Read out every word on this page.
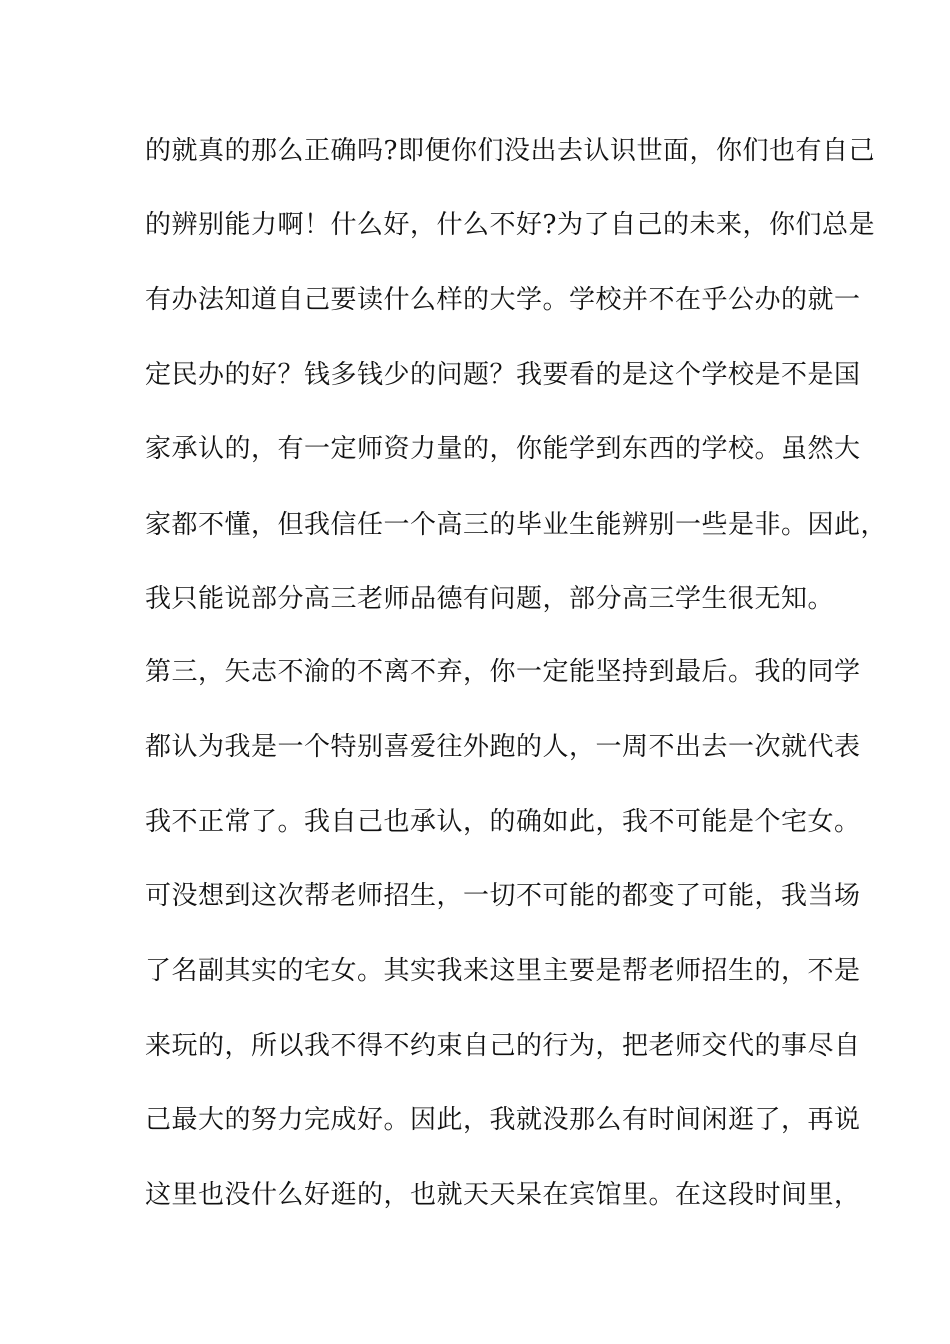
的就真的那么正确吗?即便你们没出去认识世面，你们也有自己
的辨别能力啊！什么好，什么不好?为了自己的未来，你们总是
有办法知道自己要读什么样的大学。学校并不在乎公办的就一
定民办的好？钱多钱少的问题？我要看的是这个学校是不是国
家承认的，有一定师资力量的，你能学到东西的学校。虽然大
家都不懂，但我信任一个高三的毕业生能辨别一些是非。因此，
我只能说部分高三老师品德有问题，部分高三学生很无知。
第三，矢志不渝的不离不弃，你一定能坚持到最后。我的同学
都认为我是一个特别喜爱往外跑的人，一周不出去一次就代表
我不正常了。我自己也承认，的确如此，我不可能是个宅女。
可没想到这次帮老师招生，一切不可能的都变了可能，我当场
了名副其实的宅女。其实我来这里主要是帮老师招生的，不是
来玩的，所以我不得不约束自己的行为，把老师交代的事尽自
己最大的努力完成好。因此，我就没那么有时间闲逛了，再说
这里也没什么好逛的，也就天天呆在宾馆里。在这段时间里，
